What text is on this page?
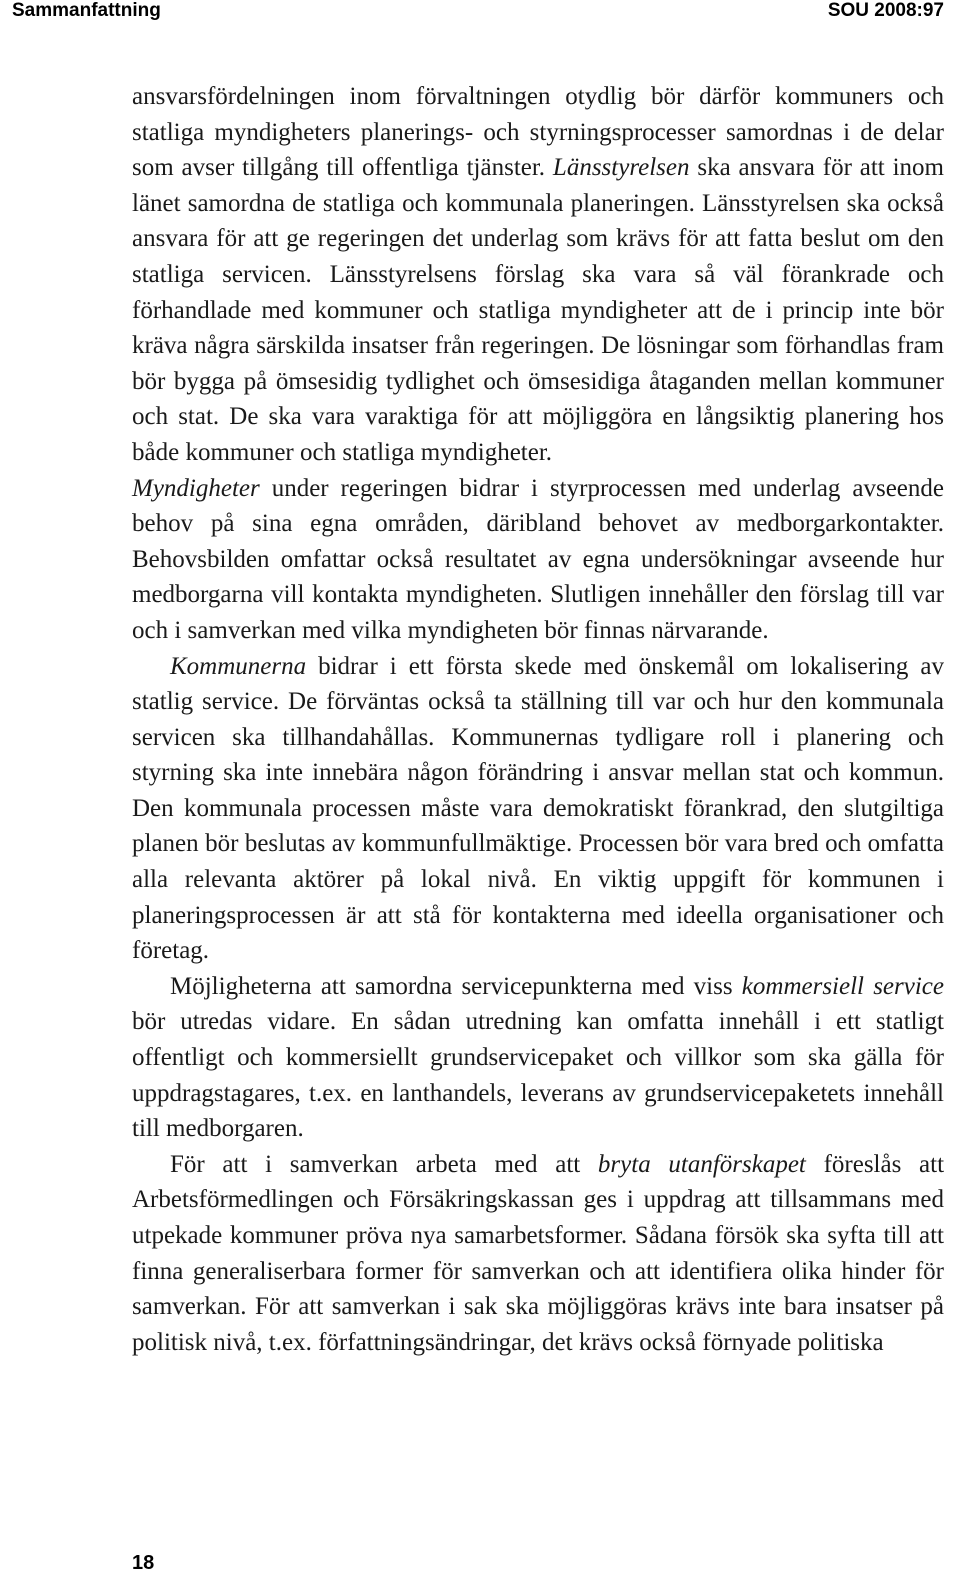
Sammanfattning	SOU 2008:97

ansvarsfördelningen inom förvaltningen otydlig bör därför kommuners och statliga myndigheters planerings- och styrningsprocesser samordnas i de delar som avser tillgång till offentliga tjänster. Länsstyrelsen ska ansvara för att inom länet samordna de statliga och kommunala planeringen. Länsstyrelsen ska också ansvara för att ge regeringen det underlag som krävs för att fatta beslut om den statliga servicen. Länsstyrelsens förslag ska vara så väl förankrade och förhandlade med kommuner och statliga myndigheter att de i princip inte bör kräva några särskilda insatser från regeringen. De lösningar som förhandlas fram bör bygga på ömsesidig tydlighet och ömsesidiga åtaganden mellan kommuner och stat. De ska vara varaktiga för att möjliggöra en långsiktig planering hos både kommuner och statliga myndigheter.

Myndigheter under regeringen bidrar i styrprocessen med underlag avseende behov på sina egna områden, däribland behovet av medborgarkontakter. Behovsbilden omfattar också resultatet av egna undersökningar avseende hur medborgarna vill kontakta myndigheten. Slutligen innehåller den förslag till var och i samverkan med vilka myndigheten bör finnas närvarande.

Kommunerna bidrar i ett första skede med önskemål om lokalisering av statlig service. De förväntas också ta ställning till var och hur den kommunala servicen ska tillhandahållas. Kommunernas tydligare roll i planering och styrning ska inte innebära någon förändring i ansvar mellan stat och kommun. Den kommunala processen måste vara demokratiskt förankrad, den slutgiltiga planen bör beslutas av kommunfullmäktige. Processen bör vara bred och omfatta alla relevanta aktörer på lokal nivå. En viktig uppgift för kommunen i planeringsprocessen är att stå för kontakterna med ideella organisationer och företag.

Möjligheterna att samordna servicepunkterna med viss kommersiell service bör utredas vidare. En sådan utredning kan omfatta innehåll i ett statligt offentligt och kommersiellt grundservicepaket och villkor som ska gälla för uppdragstagares, t.ex. en lanthandels, leverans av grundservicepaketets innehåll till medborgaren.

För att i samverkan arbeta med att bryta utanförskapet föreslås att Arbetsförmedlingen och Försäkringskassan ges i uppdrag att tillsammans med utpekade kommuner pröva nya samarbetsformer. Sådana försök ska syfta till att finna generaliserbara former för samverkan och att identifiera olika hinder för samverkan. För att samverkan i sak ska möjliggöras krävs inte bara insatser på politisk nivå, t.ex. författningsändringar, det krävs också förnyade politiska

18
